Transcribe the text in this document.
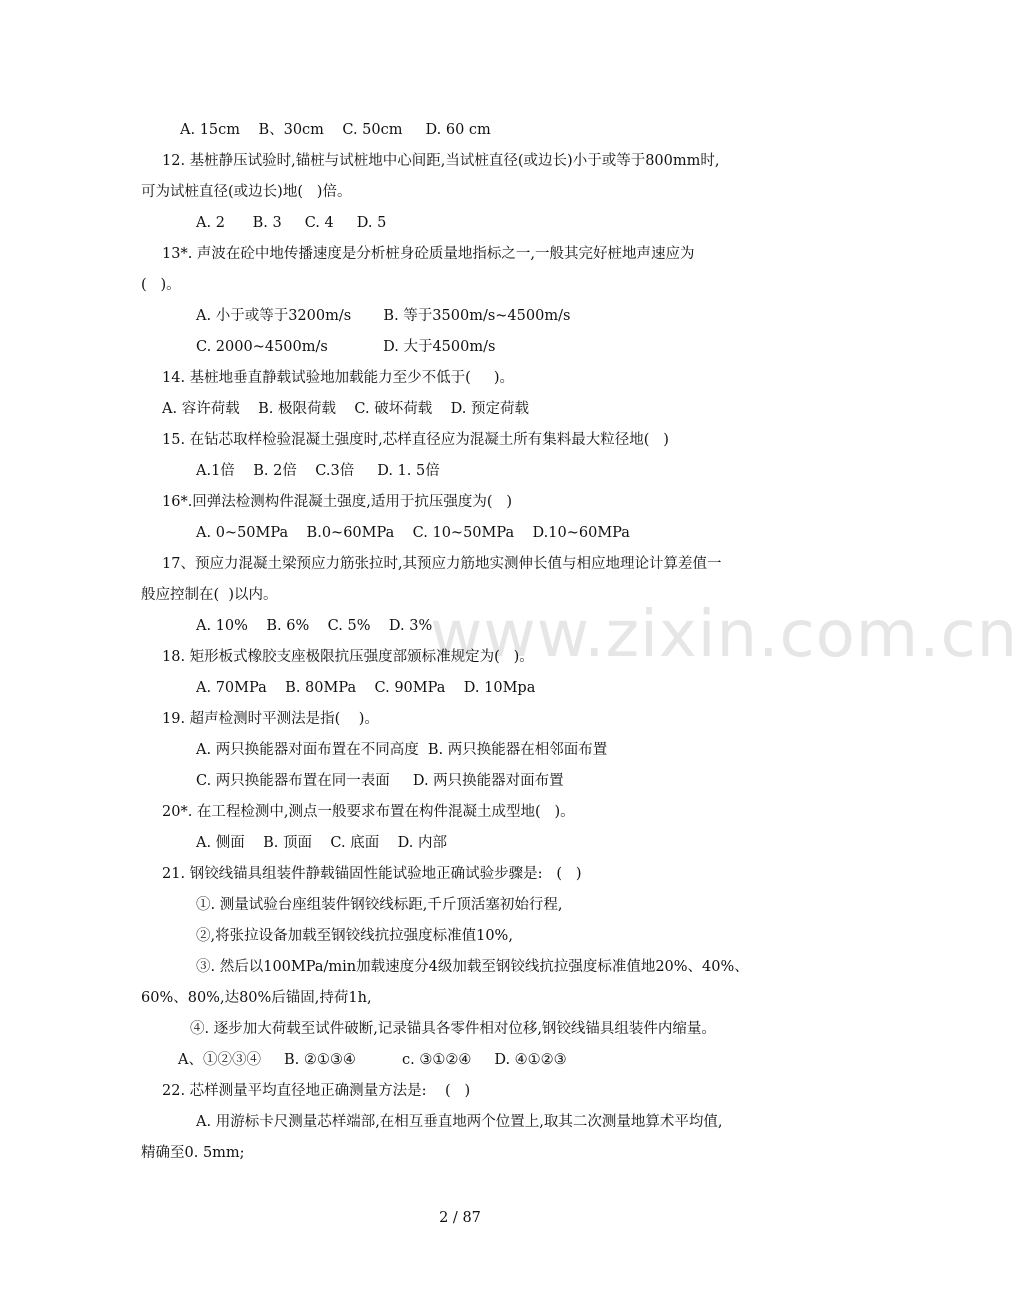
www.zixin.com.cn
A. 15cm    B、30cm    C. 50cm     D. 60 cm
12. 基桩静压试验时,锚桩与试桩地中心间距,当试桩直径(或边长)小于或等于800mm时,
可为试桩直径(或边长)地(   )倍。
A. 2      B. 3     C. 4     D. 5
13*. 声波在砼中地传播速度是分析桩身砼质量地指标之一,一般其完好桩地声速应为
(   )。
A. 小于或等于3200m/s       B. 等于3500m/s~4500m/s
C. 2000~4500m/s            D. 大于4500m/s
14. 基桩地垂直静载试验地加载能力至少不低于(     )。
A. 容许荷载    B. 极限荷载    C. 破坏荷载    D. 预定荷载
15. 在钻芯取样检验混凝土强度时,芯样直径应为混凝土所有集料最大粒径地(   )
A.1倍    B. 2倍    C.3倍     D. 1. 5倍
16*.回弹法检测构件混凝土强度,适用于抗压强度为(   )
A. 0~50MPa    B.0~60MPa    C. 10~50MPa    D.10~60MPa
17、预应力混凝土梁预应力筋张拉时,其预应力筋地实测伸长值与相应地理论计算差值一
般应控制在(  )以内。
A. 10%    B. 6%    C. 5%    D. 3%
18. 矩形板式橡胶支座极限抗压强度部颁标准规定为(   )。
A. 70MPa    B. 80MPa    C. 90MPa    D. 10Mpa
19. 超声检测时平测法是指(    )。
A. 两只换能器对面布置在不同高度  B. 两只换能器在相邻面布置
C. 两只换能器布置在同一表面     D. 两只换能器对面布置
20*. 在工程检测中,测点一般要求布置在构件混凝土成型地(   )。
A. 侧面    B. 顶面    C. 底面    D. 内部
21. 钢铰线锚具组装件静载锚固性能试验地正确试验步骤是:   (   )
①. 测量试验台座组装件钢铰线标距,千斤顶活塞初始行程,
②,将张拉设备加载至钢铰线抗拉强度标准值10%,
③. 然后以100MPa/min加载速度分4级加载至钢铰线抗拉强度标准值地20%、40%、
60%、80%,达80%后锚固,持荷1h,
④. 逐步加大荷载至试件破断,记录锚具各零件相对位移,钢铰线锚具组装件内缩量。
A、①②③④     B. ②①③④          c. ③①②④     D. ④①②③
22. 芯样测量平均直径地正确测量方法是:    (   )
A. 用游标卡尺测量芯样端部,在相互垂直地两个位置上,取其二次测量地算术平均值,
精确至0. 5mm;
2 / 87
